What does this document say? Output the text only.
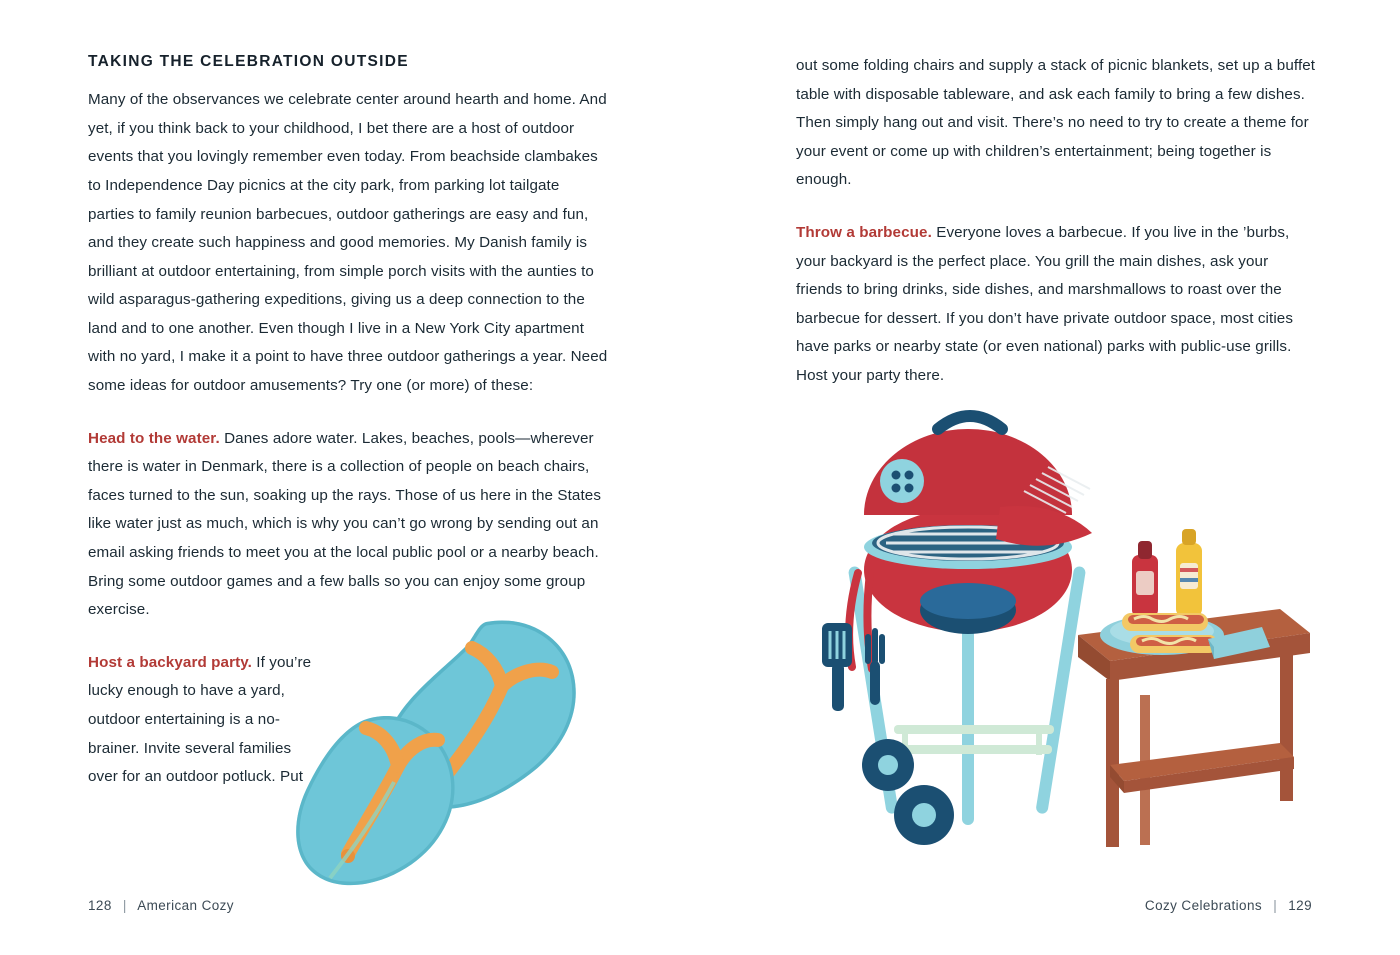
TAKING THE CELEBRATION OUTSIDE

Many of the observances we celebrate center around hearth and home. And yet, if you think back to your childhood, I bet there are a host of outdoor events that you lovingly remember even today. From beachside clambakes to Independence Day picnics at the city park, from parking lot tailgate parties to family reunion barbecues, outdoor gatherings are easy and fun, and they create such happiness and good memories. My Danish family is brilliant at outdoor entertaining, from simple porch visits with the aunties to wild asparagus-gathering expeditions, giving us a deep connection to the land and to one another. Even though I live in a New York City apartment with no yard, I make it a point to have three outdoor gatherings a year. Need some ideas for outdoor amusements? Try one (or more) of these:

Head to the water. Danes adore water. Lakes, beaches, pools—wherever there is water in Denmark, there is a collection of people on beach chairs, faces turned to the sun, soaking up the rays. Those of us here in the States like water just as much, which is why you can’t go wrong by sending out an email asking friends to meet you at the local public pool or a nearby beach. Bring some outdoor games and a few balls so you can enjoy some group exercise.

Host a backyard party. If you’re lucky enough to have a yard, outdoor entertaining is a no-brainer. Invite several families over for an outdoor potluck. Put

128 | American Cozy

out some folding chairs and supply a stack of picnic blankets, set up a buffet table with disposable tableware, and ask each family to bring a few dishes. Then simply hang out and visit. There’s no need to try to create a theme for your event or come up with children’s entertainment; being together is enough.

Throw a barbecue. Everyone loves a barbecue. If you live in the ’burbs, your backyard is the perfect place. You grill the main dishes, ask your friends to bring drinks, side dishes, and marshmallows to roast over the barbecue for dessert. If you don’t have private outdoor space, most cities have parks or nearby state (or even national) parks with public-use grills. Host your party there.

Cozy Celebrations | 129
